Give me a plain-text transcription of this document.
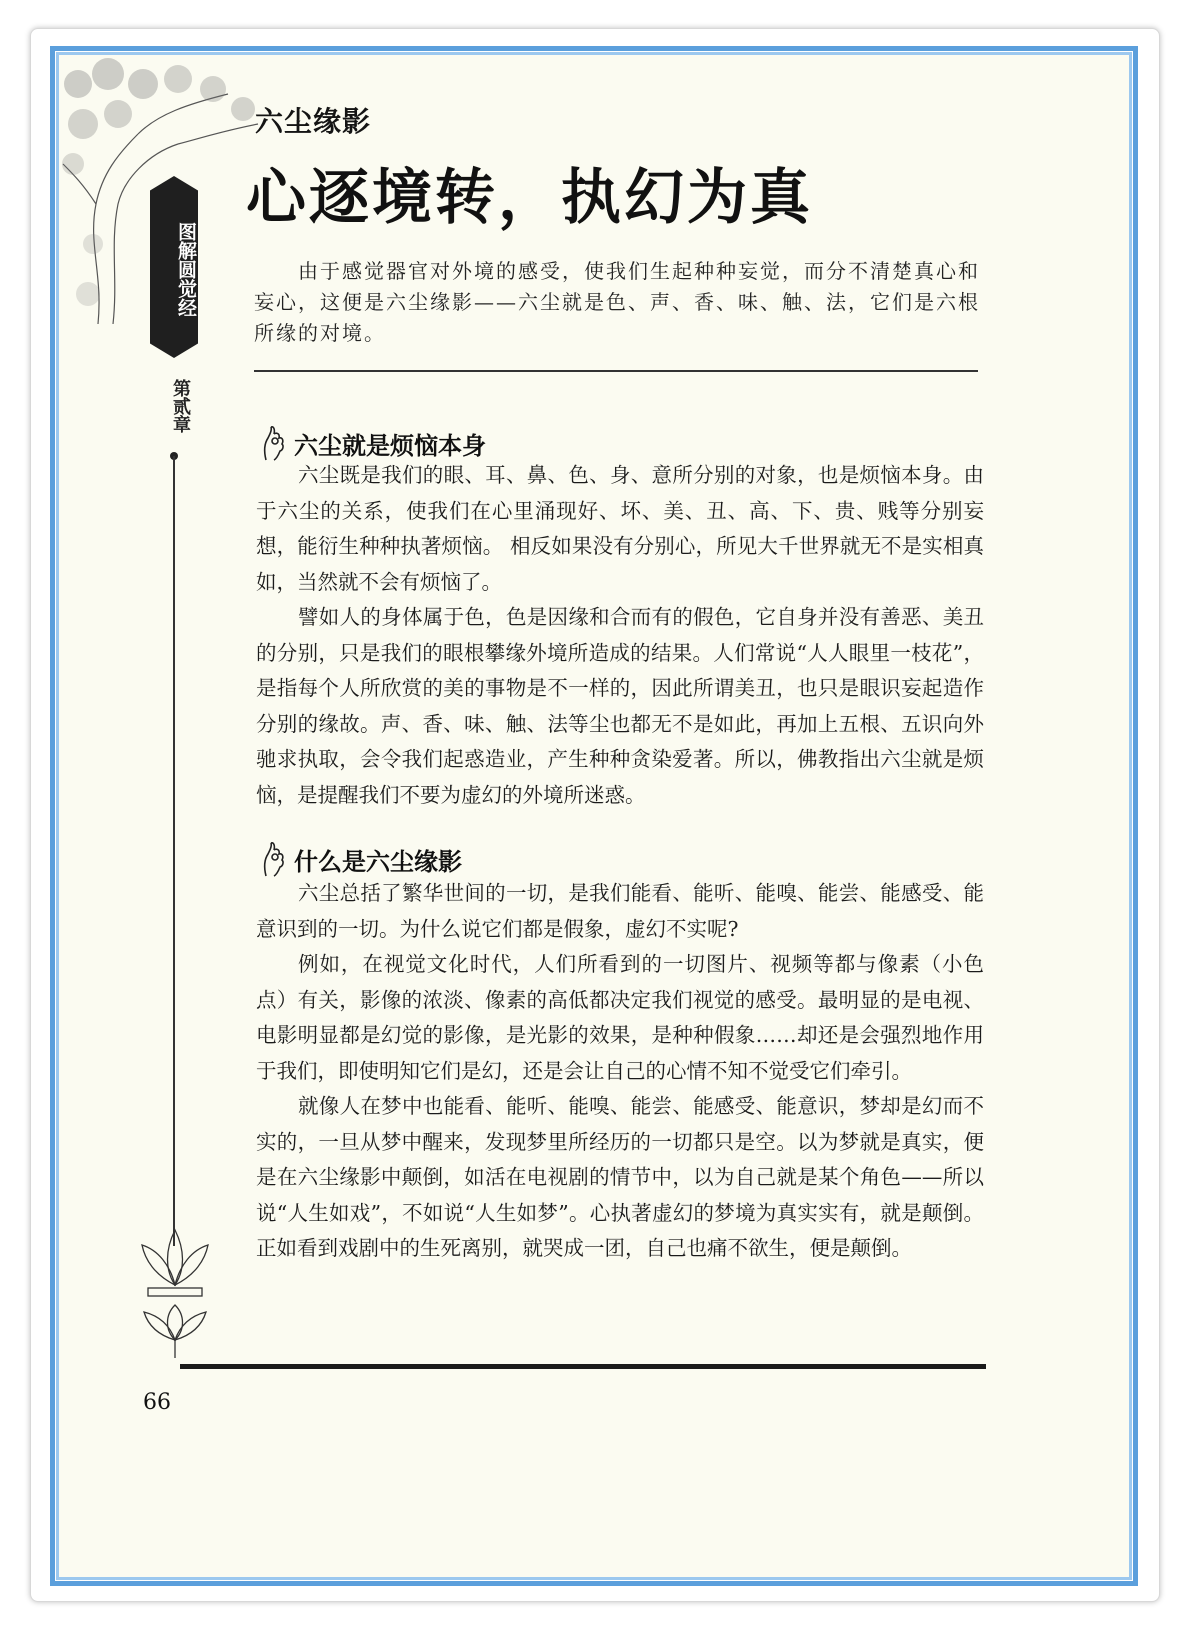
图解圆觉经
第贰章
六尘缘影
心逐境转，执幻为真
由于感觉器官对外境的感受，使我们生起种种妄觉，而分不清楚真心和妄心，这便是六尘缘影——六尘就是色、声、香、味、触、法，它们是六根所缘的对境。
六尘就是烦恼本身

六尘既是我们的眼、耳、鼻、色、身、意所分别的对象，也是烦恼本身。由于六尘的关系，使我们在心里涌现好、坏、美、丑、高、下、贵、贱等分别妄想，能衍生种种执著烦恼。 相反如果没有分别心，所见大千世界就无不是实相真如，当然就不会有烦恼了。

譬如人的身体属于色，色是因缘和合而有的假色，它自身并没有善恶、美丑的分别，只是我们的眼根攀缘外境所造成的结果。人们常说“人人眼里一枝花”，是指每个人所欣赏的美的事物是不一样的，因此所谓美丑，也只是眼识妄起造作分别的缘故。声、香、味、触、法等尘也都无不是如此，再加上五根、五识向外驰求执取，会令我们起惑造业，产生种种贪染爱著。所以，佛教指出六尘就是烦恼，是提醒我们不要为虚幻的外境所迷惑。

什么是六尘缘影

六尘总括了繁华世间的一切，是我们能看、能听、能嗅、能尝、能感受、能意识到的一切。为什么说它们都是假象，虚幻不实呢?

例如，在视觉文化时代，人们所看到的一切图片、视频等都与像素（小色点）有关，影像的浓淡、像素的高低都决定我们视觉的感受。最明显的是电视、电影明显都是幻觉的影像，是光影的效果，是种种假象……却还是会强烈地作用于我们，即使明知它们是幻，还是会让自己的心情不知不觉受它们牵引。

就像人在梦中也能看、能听、能嗅、能尝、能感受、能意识，梦却是幻而不实的，一旦从梦中醒来，发现梦里所经历的一切都只是空。以为梦就是真实，便是在六尘缘影中颠倒，如活在电视剧的情节中，以为自己就是某个角色——所以说“人生如戏”，不如说“人生如梦”。心执著虚幻的梦境为真实实有，就是颠倒。正如看到戏剧中的生死离别，就哭成一团，自己也痛不欲生，便是颠倒。

66
